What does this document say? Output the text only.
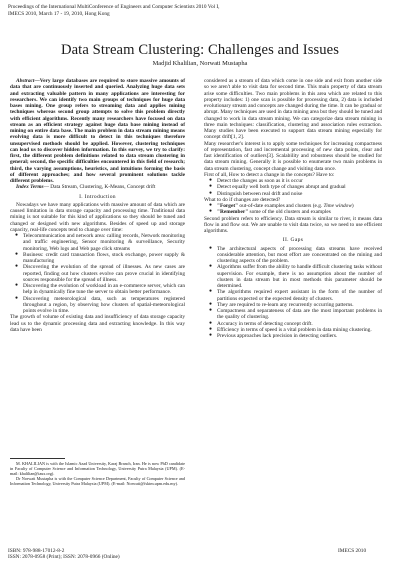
Proceedings of the International MultiConference of Engineers and Computer Scientists 2010 Vol I,
IMECS 2010, March 17 - 19, 2010, Hong Kong
Data Stream Clustering: Challenges and Issues
Madjid Khalilian, Norwati Mustapha

Abstract—Very large databases are required to store massive amounts of data that are continuously inserted and queried. Analyzing huge data sets and extracting valuable pattern in many applications are interesting for researchers. We can identify two main groups of techniques for huge data bases mining. One group refers to streaming data and applies mining techniques whereas second group attempts to solve this problem directly with efficient algorithms. Recently many researchers have focused on data stream as an efficient strategy against huge data base mining instead of mining on entire data base. The main problem in data stream mining means evolving data is more difficult to detect in this techniques therefore unsupervised methods should be applied. However, clustering techniques can lead us to discover hidden information. In this survey, we try to clarify: first, the different problem definitions related to data stream clustering in general; second, the specific difficulties encountered in this field of research; third, the varying assumptions, heuristics, and intuitions forming the basis of different approaches; and how several prominent solutions tackle different problems.

Index Terms— Data Stream, Clustering, K-Means, Concept drift

I. Introduction

Nowadays we have many applications with massive amount of data which are caused limitation in data storage capacity and processing time. Traditional data mining is not suitable for this kind of applications so they should be tuned and changed or designed with new algorithms. Besides of speed up and storage capacity, real-life concepts tend to change over time:

● Telecommunication and network area: calling records, Network monitoring and traffic engineering, Sensor monitoring & surveillance, Security monitoring, Web logs and Web page click streams
● Business: credit card transaction flows, stock exchange, power supply & manufacturing
● Discovering the evolution of the spread of illnesses. As new cases are reported, finding out how clusters evolve can prove crucial in identifying sources responsible for the spread of illness.
● Discovering the evolution of workload in an e-commerce server, which can help in dynamically fine tune the server to obtain better performance.
● Discovering meteorological data, such as temperatures registered throughout a region, by observing how clusters of spatial-meteorological points evolve in time.

The growth of volume of existing data and insufficiency of data storage capacity lead us to the dynamic processing data and extracting knowledge. In this way data have been

M. KHALILIAN is with the Islamic Azad University, Karaj Branch, Iran. He is now PhD candidate in Faculty of Computer Science and Information Technology, University Putra Malaysia (UPM). (E-mail: khalilian@iaux.org).

Dr Norwati Mustapha is with the Computer Science Department, Faculty of Computer Science and Information Technology, University Putra Malaysia (UPM). (E-mail: Norwati@fsktm.upm.edu.my).

considered as a stream of data which come in one side and exit from another side so we aren't able to visit data for second time. This main property of data stream arise some difficulties. Two main problems in this area which are related to this property includes: 1) one scan is possible for processing data, 2) data is included evolutionary stream and concepts are changed during the time. It can be gradual or abrupt. Many techniques are used in data mining area but they should be tuned and changed to work in data stream mining. We can categorize data stream mining in three main techniques: classification, clustering and association rules extraction. Many studies have been executed to support data stream mining especially for concept drift[1, 2].

Many researcher's interest is to apply some techniques for increasing compactness of representation, fast and incremental processing of new data points, clear and fast identification of outliers[3]. Scalability and robustness should be studied for data stream mining. Generally it is possible to enumerate two main problems in data stream clustering, concept change and visiting data once.

First of all, How to detect a change in the concepts? Have to:

● Detect the changes as soon as it is occur
● Detect equally well both type of changes abrupt and gradual
● Distinguish between real drift and noise

What to do if changes are detected?

● "Forget" out-of-date examples and clusters (e.g. Time window)
● "Remember" some of the old clusters and examples

Second problem refers to efficiency. Data stream is similar to river, it means data flow in and flow out. We are unable to visit data twice, so we need to use efficient algorithms.

II. Gaps
● The architectural aspects of processing data streams have received considerable attention, but most effort are concentrated on the mining and clustering aspects of the problem.
● Algorithms suffer from the ability to handle difficult clustering tasks without supervision. For example, there is no assumption about the number of clusters in data stream but in most methods this parameter should be determined.
● The algorithms required expert assistant in the form of the number of partitions expected or the expected density of clusters.
● They are required to re-learn any recurrently occurring patterns.
● Compactness and separateness of data are the most important problems in the quality of clustering.
● Accuracy in terms of detecting concept drift.
● Efficiency in terms of speed is a vital problem in data mining clustering.
● Previous approaches lack precision in detecting outliers.
ISBN: 978-988-17012-8-2
ISSN: 2078-0958 (Print); ISSN: 2078-0966 (Online)
IMECS 2010
